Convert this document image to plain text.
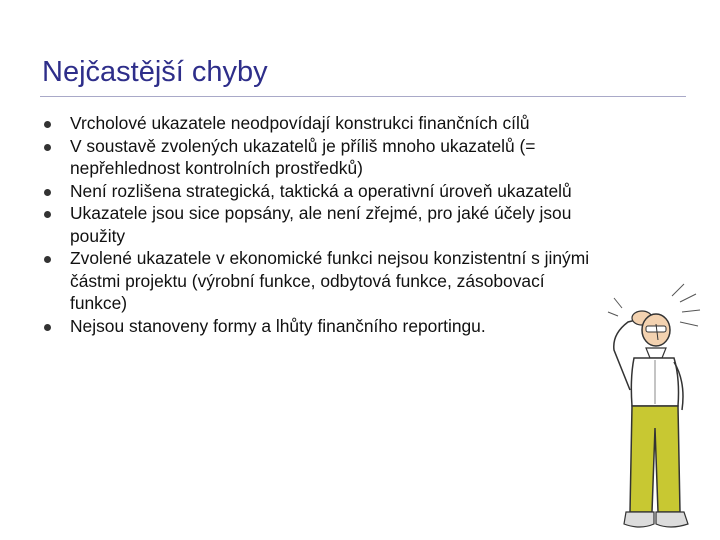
Nejčastější chyby
Vrcholové ukazatele neodpovídají konstrukci finančních cílů
V soustavě zvolených ukazatelů je příliš mnoho ukazatelů (= nepřehlednost kontrolních prostředků)
Není rozlišena strategická, taktická a operativní úroveň ukazatelů
Ukazatele jsou sice popsány, ale není zřejmé, pro jaké účely jsou použity
Zvolené ukazatele v ekonomické funkci nejsou konzistentní s jinými částmi projektu (výrobní funkce, odbytová funkce, zásobovací funkce)
Nejsou stanoveny formy a lhůty finančního reportingu.
